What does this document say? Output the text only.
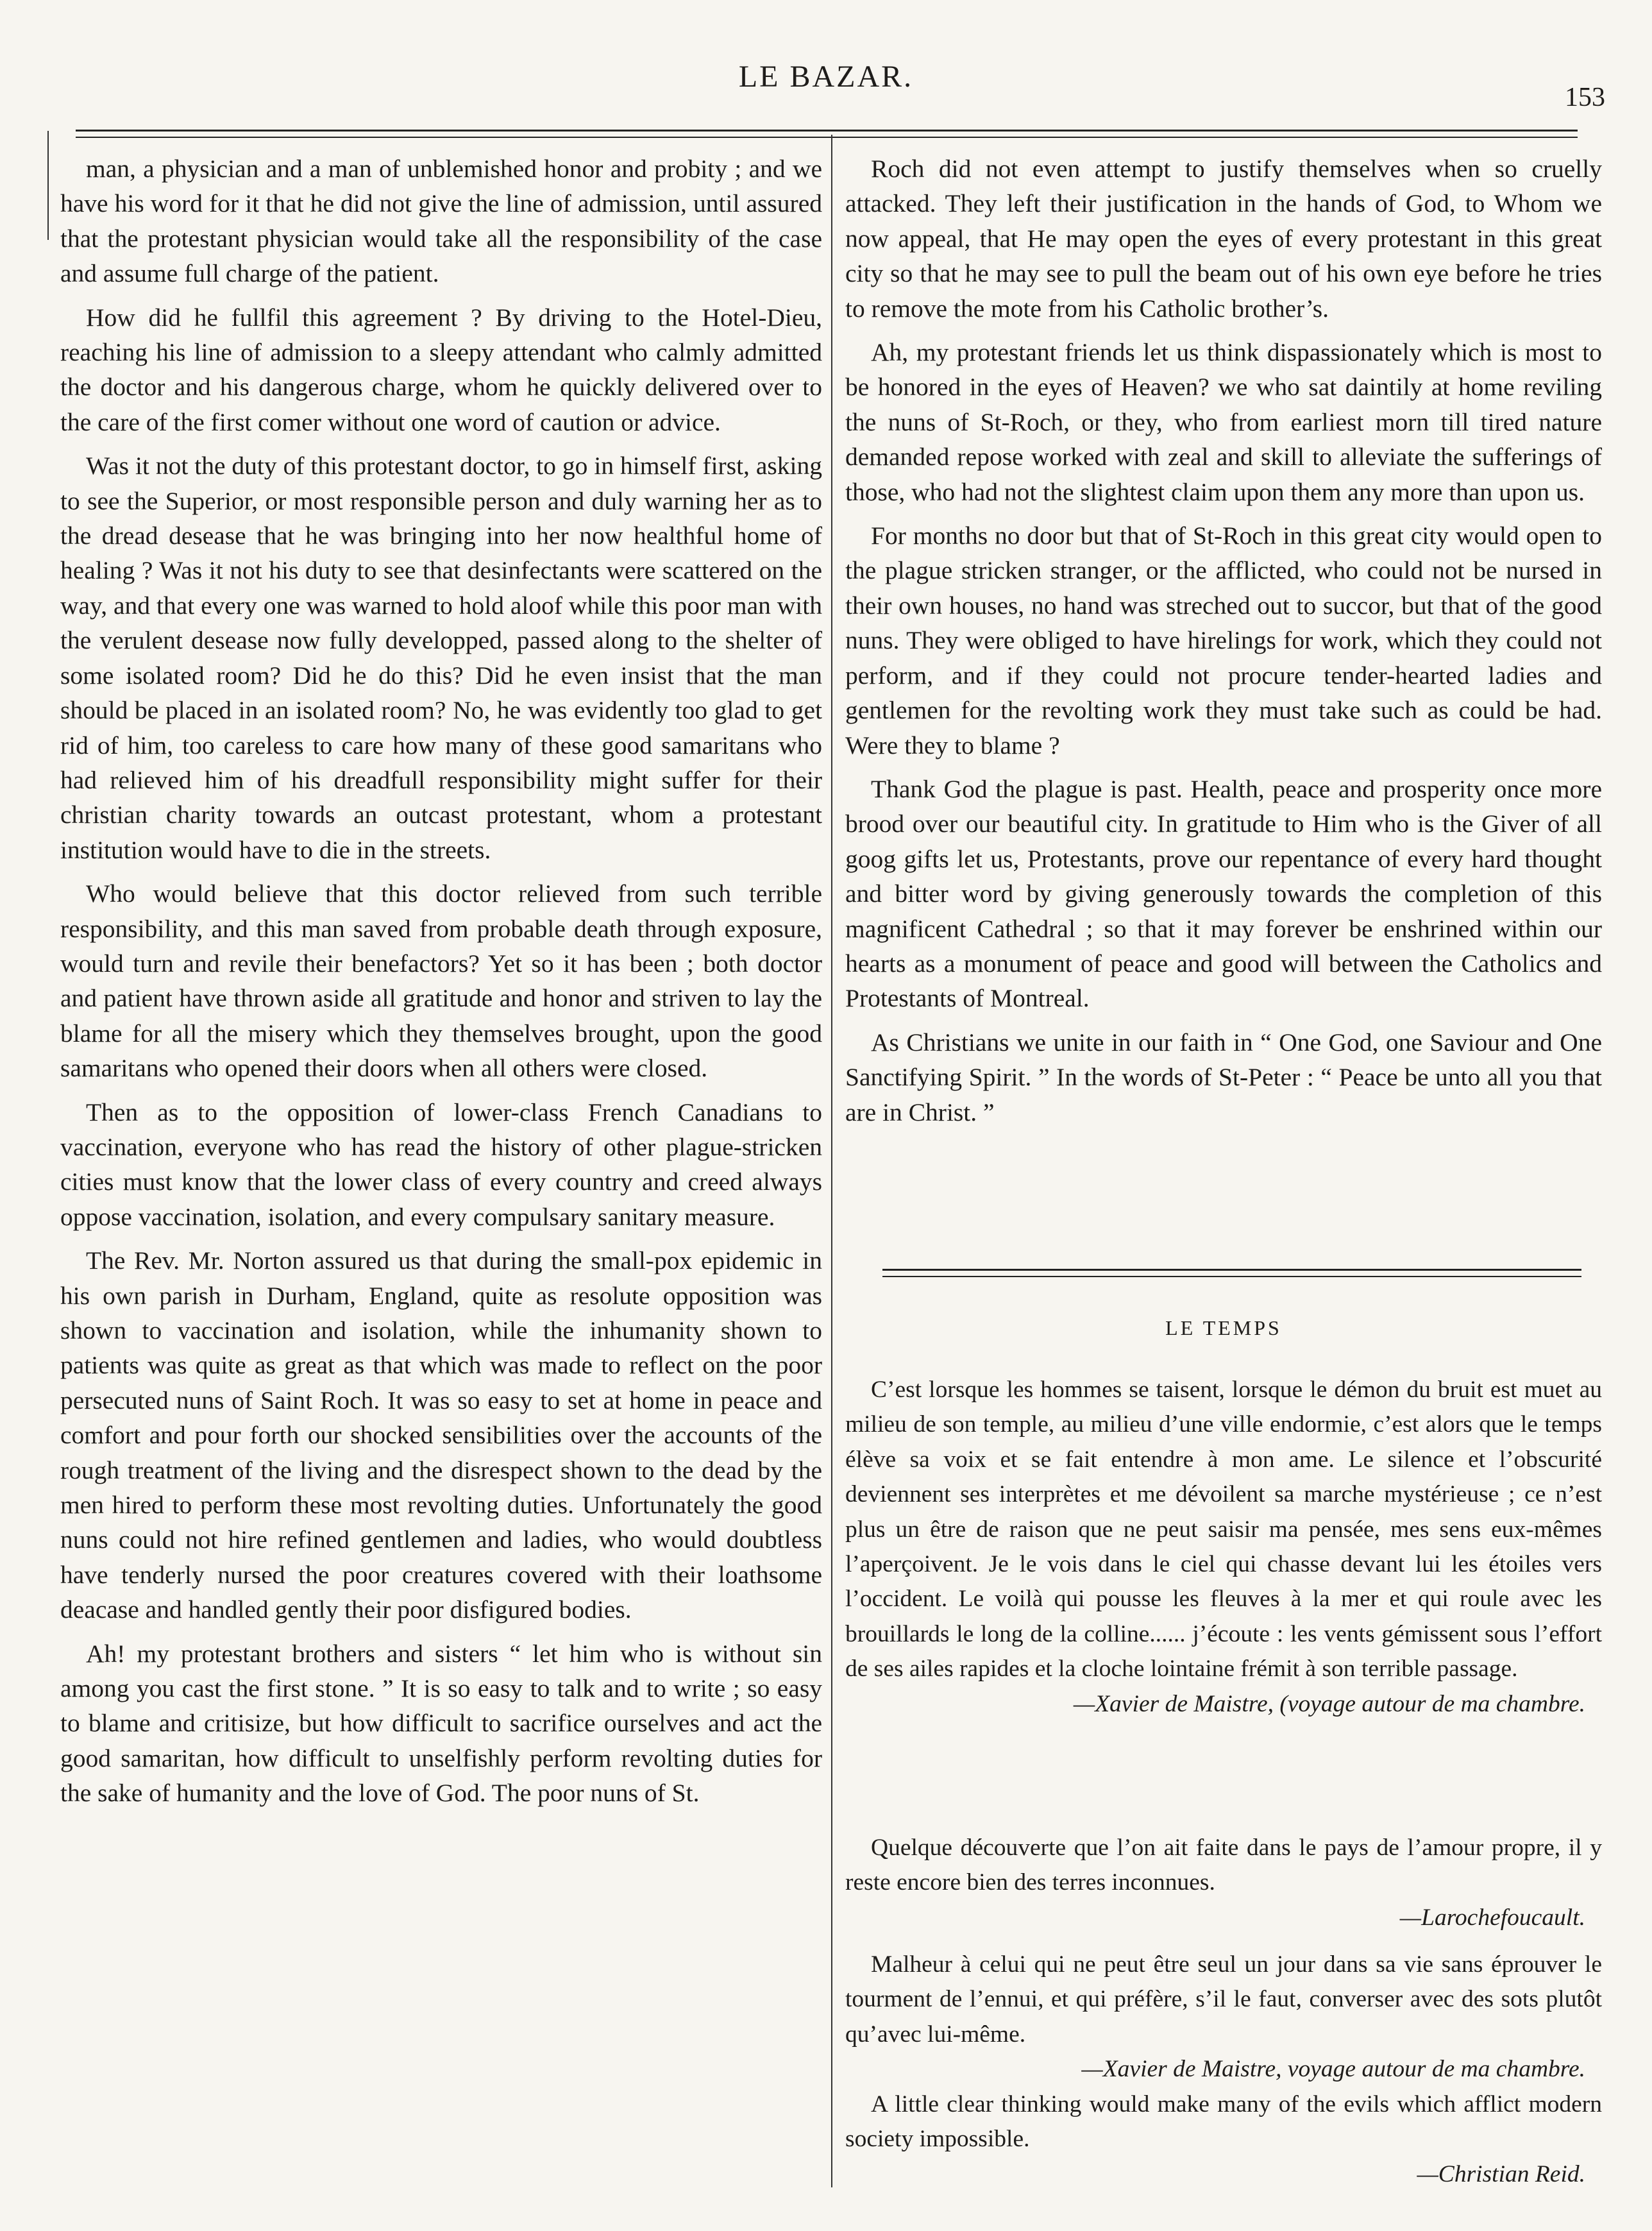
LE BAZAR.
153

man, a physician and a man of unblemished honor and probity ; and we have his word for it that he did not give the line of admission, until assured that the protestant physician would take all the responsibility of the case and assume full charge of the patient.

How did he fullfil this agreement ? By driving to the Hotel-Dieu, reaching his line of admission to a sleepy attendant who calmly admitted the doctor and his dangerous charge, whom he quickly delivered over to the care of the first comer without one word of caution or advice.

Was it not the duty of this protestant doctor, to go in himself first, asking to see the Superior, or most responsible person and duly warning her as to the dread desease that he was bringing into her now healthful home of healing ? Was it not his duty to see that desinfectants were scattered on the way, and that every one was warned to hold aloof while this poor man with the verulent desease now fully developped, passed along to the shelter of some isolated room? Did he do this? Did he even insist that the man should be placed in an isolated room? No, he was evidently too glad to get rid of him, too careless to care how many of these good samaritans who had relieved him of his dreadfull responsibility might suffer for their christian charity towards an outcast protestant, whom a protestant institution would have to die in the streets.

Who would believe that this doctor relieved from such terrible responsibility, and this man saved from probable death through exposure, would turn and revile their benefactors? Yet so it has been ; both doctor and patient have thrown aside all gratitude and honor and striven to lay the blame for all the misery which they themselves brought, upon the good samaritans who opened their doors when all others were closed.

Then as to the opposition of lower-class French Canadians to vaccination, everyone who has read the history of other plague-stricken cities must know that the lower class of every country and creed always oppose vaccination, isolation, and every compulsary sanitary measure.

The Rev. Mr. Norton assured us that during the small-pox epidemic in his own parish in Durham, England, quite as resolute opposition was shown to vaccination and isolation, while the inhumanity shown to patients was quite as great as that which was made to reflect on the poor persecuted nuns of Saint Roch. It was so easy to set at home in peace and comfort and pour forth our shocked sensibilities over the accounts of the rough treatment of the living and the disrespect shown to the dead by the men hired to perform these most revolting duties. Unfortunately the good nuns could not hire refined gentlemen and ladies, who would doubtless have tenderly nursed the poor creatures covered with their loathsome deacase and handled gently their poor disfigured bodies.

Ah! my protestant brothers and sisters “ let him who is without sin among you cast the first stone. ” It is so easy to talk and to write ; so easy to blame and critisize, but how difficult to sacrifice ourselves and act the good samaritan, how difficult to unselfishly perform revolting duties for the sake of humanity and the love of God. The poor nuns of St.

Roch did not even attempt to justify themselves when so cruelly attacked. They left their justification in the hands of God, to Whom we now appeal, that He may open the eyes of every protestant in this great city so that he may see to pull the beam out of his own eye before he tries to remove the mote from his Catholic brother’s.

Ah, my protestant friends let us think dispassionately which is most to be honored in the eyes of Heaven? we who sat daintily at home reviling the nuns of St-Roch, or they, who from earliest morn till tired nature demanded repose worked with zeal and skill to alleviate the sufferings of those, who had not the slightest claim upon them any more than upon us.

For months no door but that of St-Roch in this great city would open to the plague stricken stranger, or the afflicted, who could not be nursed in their own houses, no hand was streched out to succor, but that of the good nuns. They were obliged to have hirelings for work, which they could not perform, and if they could not procure tender-hearted ladies and gentlemen for the revolting work they must take such as could be had. Were they to blame ?

Thank God the plague is past. Health, peace and prosperity once more brood over our beautiful city. In gratitude to Him who is the Giver of all goog gifts let us, Protestants, prove our repentance of every hard thought and bitter word by giving generously towards the completion of this magnificent Cathedral ; so that it may forever be enshrined within our hearts as a monument of peace and good will between the Catholics and Protestants of Montreal.

As Christians we unite in our faith in “ One God, one Saviour and One Sanctifying Spirit. ” In the words of St-Peter : “ Peace be unto all you that are in Christ. ”

LE TEMPS

C’est lorsque les hommes se taisent, lorsque le démon du bruit est muet au milieu de son temple, au milieu d’une ville endormie, c’est alors que le temps élève sa voix et se fait entendre à mon ame. Le silence et l’obscurité deviennent ses interprètes et me dévoilent sa marche mystérieuse ; ce n’est plus un être de raison que ne peut saisir ma pensée, mes sens eux-mêmes l’aperçoivent. Je le vois dans le ciel qui chasse devant lui les étoiles vers l’occident. Le voilà qui pousse les fleuves à la mer et qui roule avec les brouillards le long de la colline...... j’écoute : les vents gémissent sous l’effort de ses ailes rapides et la cloche lointaine frémit à son terrible passage.

—Xavier de Maistre, (voyage autour de ma chambre.

Quelque découverte que l’on ait faite dans le pays de l’amour propre, il y reste encore bien des terres inconnues.

—Larochefoucault.

Malheur à celui qui ne peut être seul un jour dans sa vie sans éprouver le tourment de l’ennui, et qui préfère, s’il le faut, converser avec des sots plutôt qu’avec lui-même.

—Xavier de Maistre, voyage autour de ma chambre.

A little clear thinking would make many of the evils which afflict modern society impossible.

—Christian Reid.
